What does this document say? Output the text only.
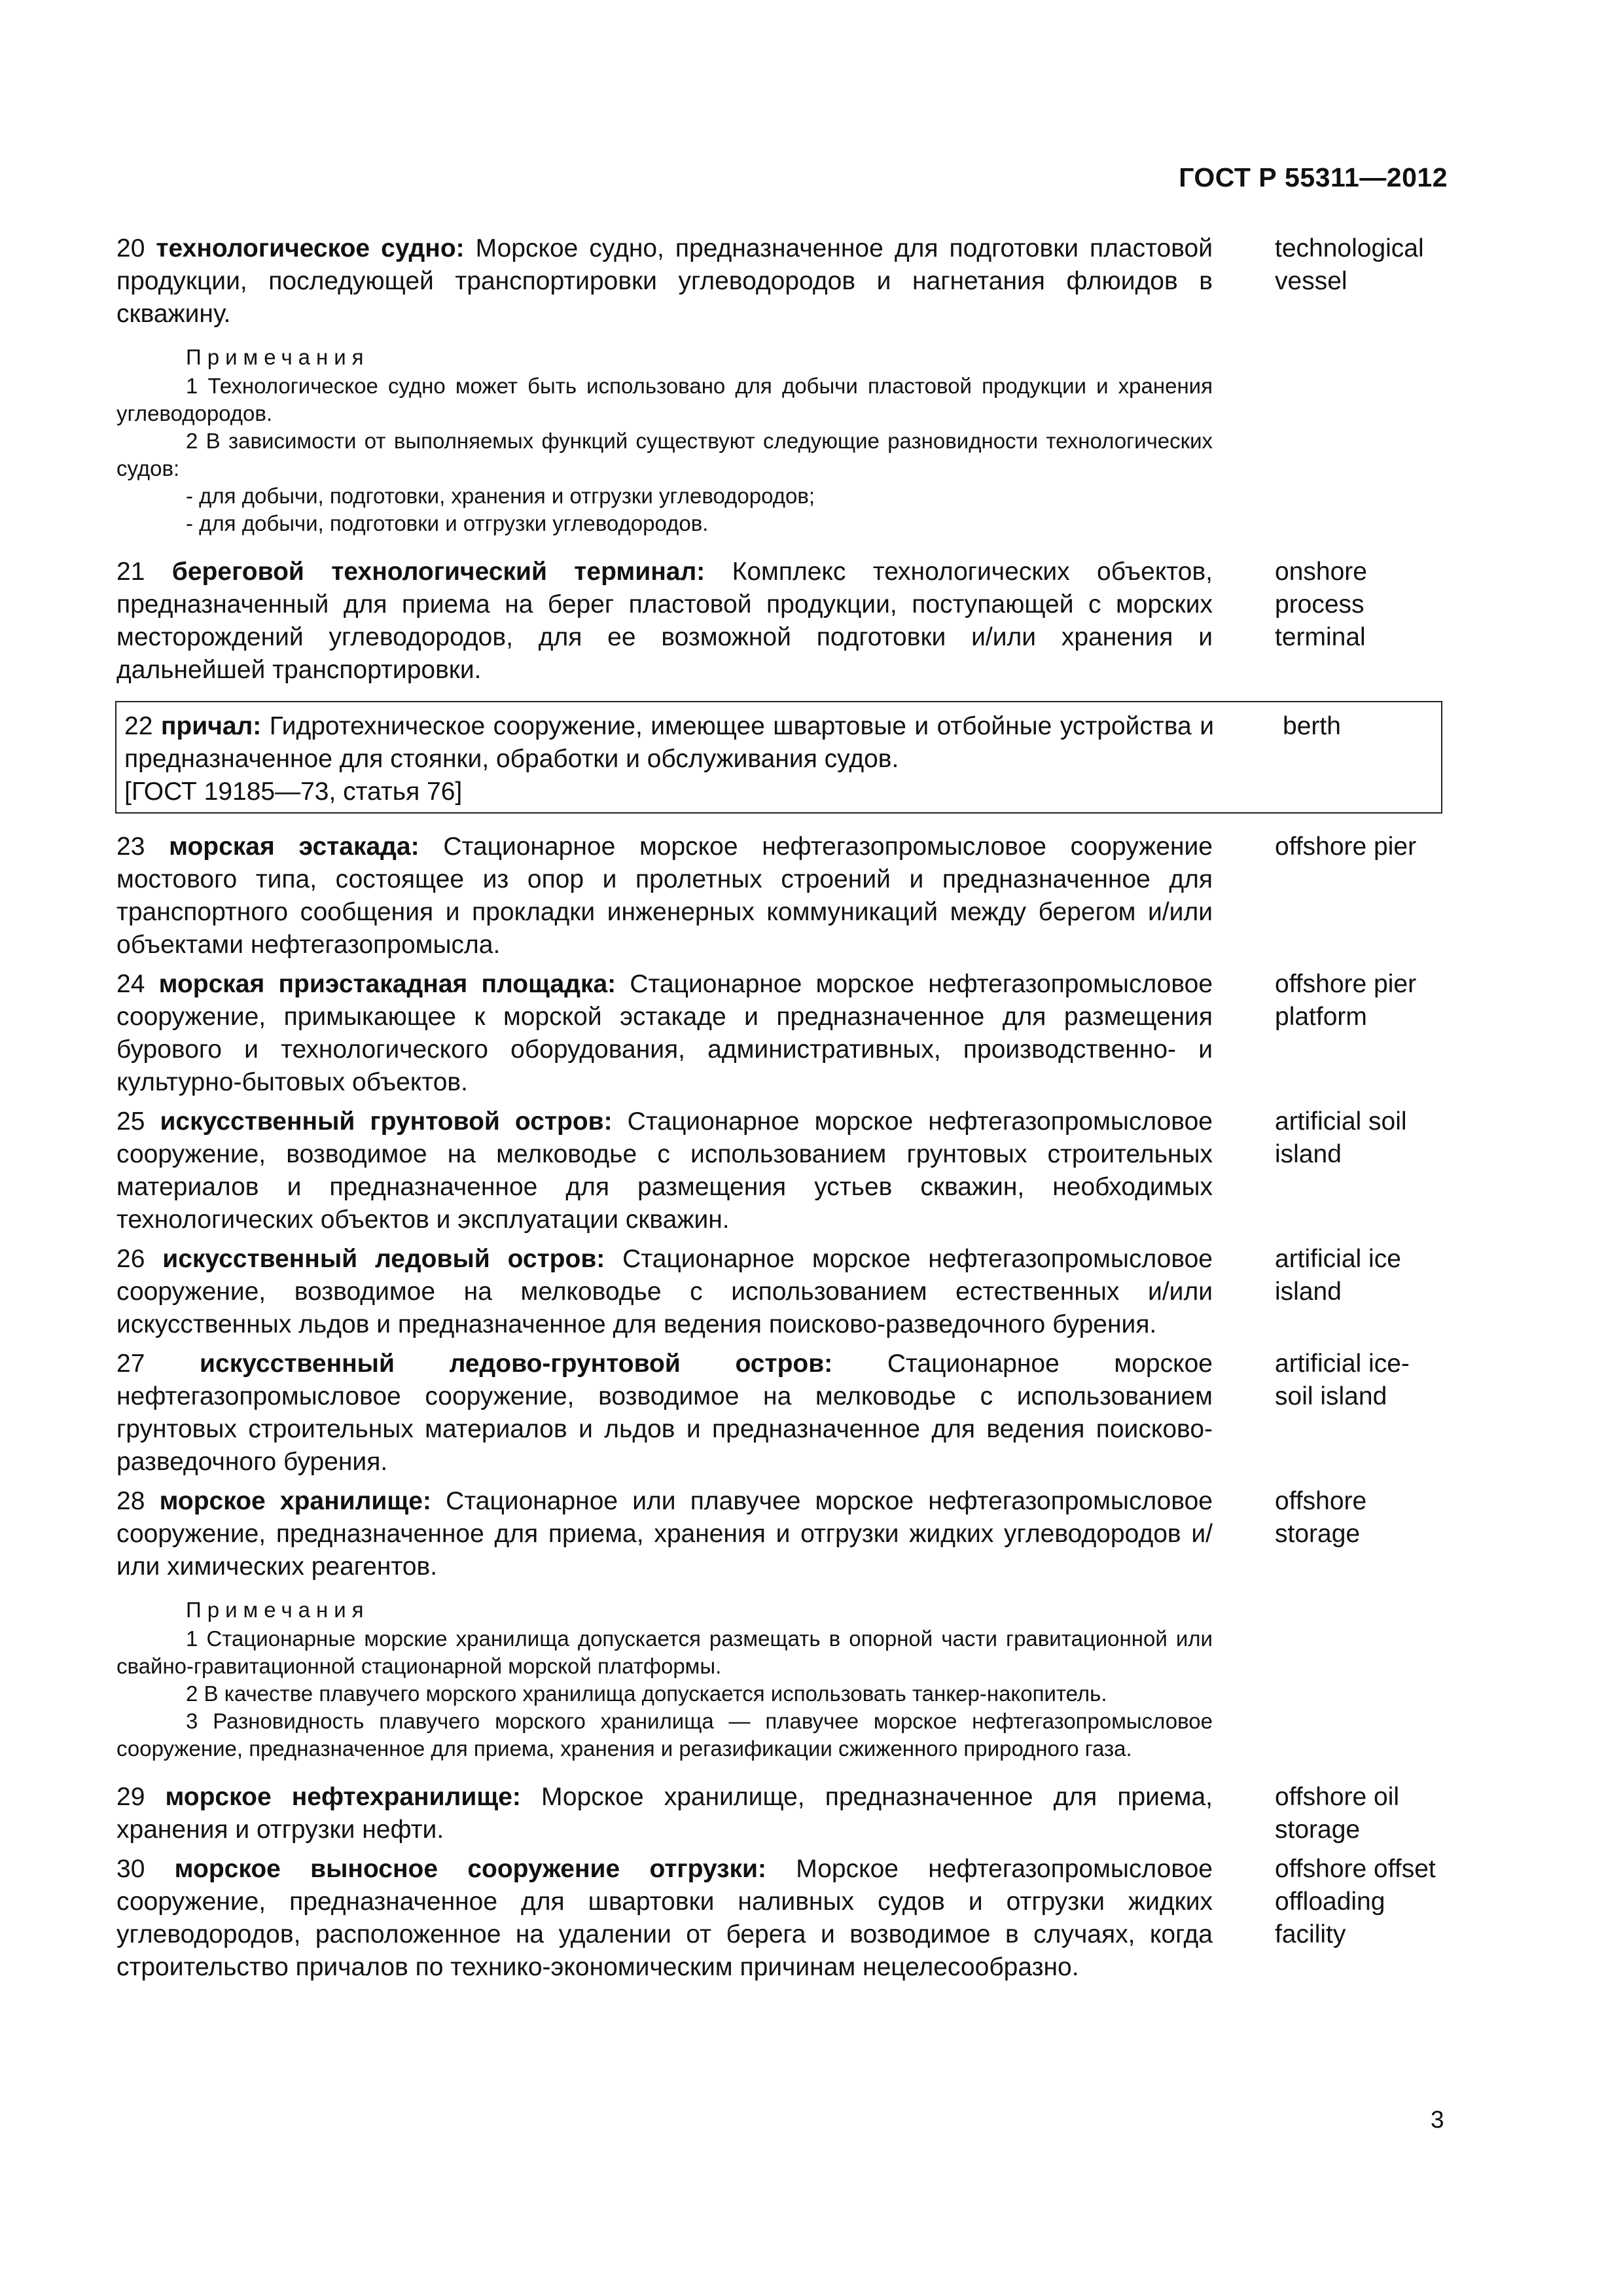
ГОСТ Р 55311—2012
20 технологическое судно: Морское судно, предназначенное для подготовки пластовой продукции, последующей транспортировки углеводородов и нагнетания флюидов в скважину.
technological vessel
Примечания
1 Технологическое судно может быть использовано для добычи пластовой продукции и хранения углеводородов.
2 В зависимости от выполняемых функций существуют следующие разновидности технологических судов:
- для добычи, подготовки, хранения и отгрузки углеводородов;
- для добычи, подготовки и отгрузки углеводородов.
21 береговой технологический терминал: Комплекс технологических объектов, предназначенный для приема на берег пластовой продукции, поступающей с морских месторождений углеводородов, для ее возможной подготовки и/или хранения и дальнейшей транспортировки.
onshore process terminal
22 причал: Гидротехническое сооружение, имеющее швартовые и отбойные устройства и предназначенное для стоянки, обработки и обслуживания судов.
[ГОСТ 19185—73, статья 76]
berth
23 морская эстакада: Стационарное морское нефтегазопромысловое сооружение мостового типа, состоящее из опор и пролетных строений и предназначенное для транспортного сообщения и прокладки инженерных коммуникаций между берегом и/или объектами нефтегазопромысла.
offshore pier
24 морская приэстакадная площадка: Стационарное морское нефтегазопромысловое сооружение, примыкающее к морской эстакаде и предназначенное для размещения бурового и технологического оборудования, административных, производственно- и культурно-бытовых объектов.
offshore pier platform
25 искусственный грунтовой остров: Стационарное морское нефтегазопромысловое сооружение, возводимое на мелководье с использованием грунтовых строительных материалов и предназначенное для размещения устьев скважин, необходимых технологических объектов и эксплуатации скважин.
artificial soil island
26 искусственный ледовый остров: Стационарное морское нефтегазопромысловое сооружение, возводимое на мелководье с использованием естественных и/или искусственных льдов и предназначенное для ведения поисково-разведочного бурения.
artificial ice island
27 искусственный ледово-грунтовой остров: Стационарное морское нефтегазопромысловое сооружение, возводимое на мелководье с использованием грунтовых строительных материалов и льдов и предназначенное для ведения поисково-разведочного бурения.
artificial ice-soil island
28 морское хранилище: Стационарное или плавучее морское нефтегазопромысловое сооружение, предназначенное для приема, хранения и отгрузки жидких углеводородов и/или химических реагентов.
offshore storage
Примечания
1 Стационарные морские хранилища допускается размещать в опорной части гравитационной или свайно-гравитационной стационарной морской платформы.
2 В качестве плавучего морского хранилища допускается использовать танкер-накопитель.
3 Разновидность плавучего морского хранилища — плавучее морское нефтегазопромысловое сооружение, предназначенное для приема, хранения и регазификации сжиженного природного газа.
29 морское нефтехранилище: Морское хранилище, предназначенное для приема, хранения и отгрузки нефти.
offshore oil storage
30 морское выносное сооружение отгрузки: Морское нефтегазопромысловое сооружение, предназначенное для швартовки наливных судов и отгрузки жидких углеводородов, расположенное на удалении от берега и возводимое в случаях, когда строительство причалов по технико-экономическим причинам нецелесообразно.
offshore offset offloading facility
3
